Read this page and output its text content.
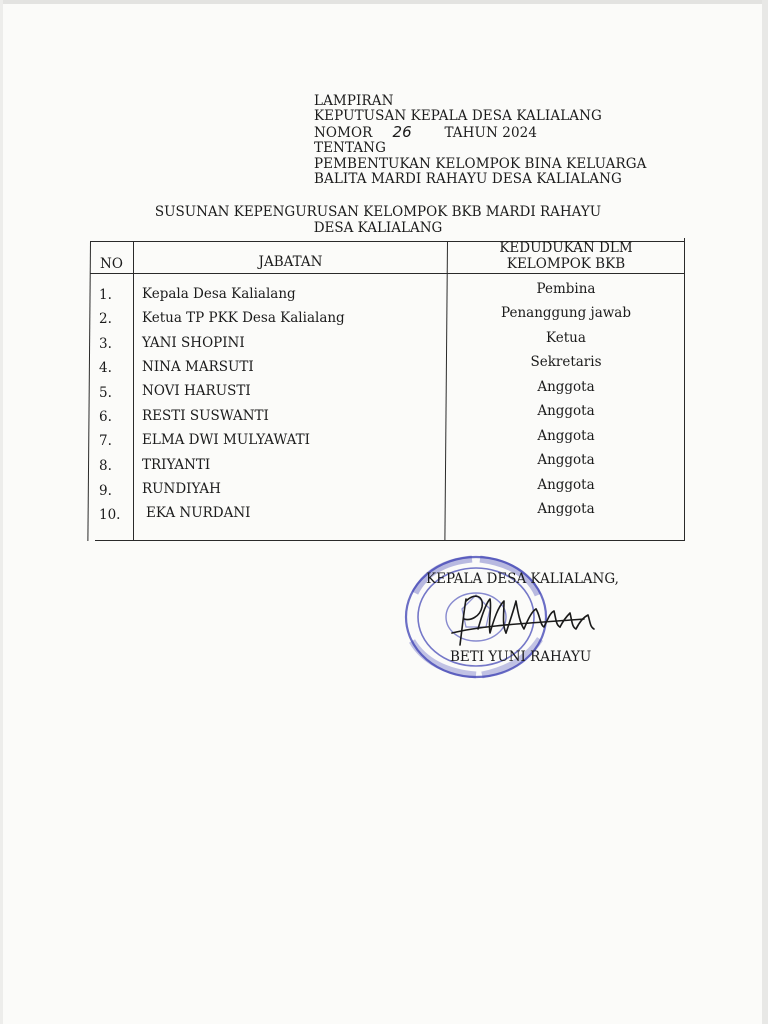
LAMPIRAN
KEPUTUSAN KEPALA DESA KALIALANG
NOMOR 26 TAHUN 2024
TENTANG
PEMBENTUKAN KELOMPOK BINA KELUARGA
BALITA MARDI RAHAYU DESA KALIALANG
SUSUNAN KEPENGURUSAN KELOMPOK BKB MARDI RAHAYU
DESA KALIALANG
NO	JABATAN
KEDUDUKAN DLM
KELOMPOK BKB
1. Kepala Desa Kalialang	Pembina
2. Ketua TP PKK Desa Kalialang	Penanggung jawab
3. YANI SHOPINI	Ketua
4. NINA MARSUTI	Sekretaris
5. NOVI HARUSTI	Anggota
6. RESTI SUSWANTI	Anggota
7. ELMA DWI MULYAWATI	Anggota
8. TRIYANTI	Anggota
9. RUNDIYAH	Anggota
10. EKA NURDANI	Anggota
KEPALA DESA KALIALANG,
BETI YUNI RAHAYU
